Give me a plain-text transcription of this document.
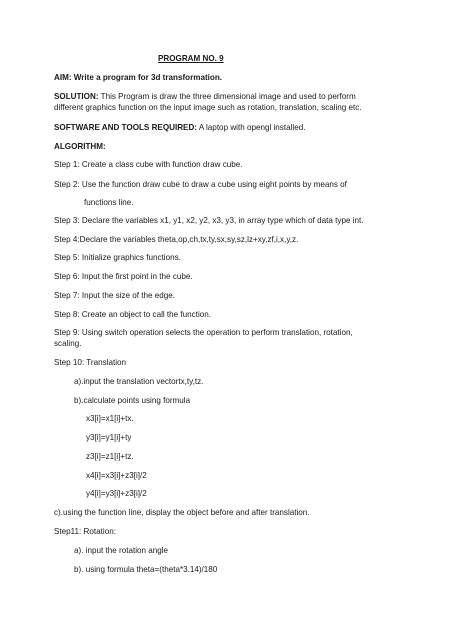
PROGRAM NO. 9

AIM: Write a program for 3d transformation.

SOLUTION: This Program is draw the three dimensional image and used to perform

different graphics function on the input image such as rotation, translation, scaling etc.

SOFTWARE AND TOOLS REQUIRED: A laptop with opengl installed.

ALGORITHM:

Step 1: Create a class cube with function draw cube.

Step 2: Use the function draw cube to draw a cube using eight points by means of

functions line.

Step 3: Declare the variables x1, y1, x2, y2, x3, y3, in array type which of data type int.

Step 4:Declare the variables theta,op,ch,tx,ty,sx,sy,sz,lz+xy,zf,i,x,y,z.

Step 5: Initialize graphics functions.

Step 6: Input the first point in the cube.

Step 7: Input the size of the edge.

Step 8: Create an object to call the function.

Step 9: Using switch operation selects the operation to perform translation, rotation,

scaling.

Step 10: Translation

a).input the translation vectortx,ty,tz.

b).calculate points using formula

x3[i]=x1[i]+tx.

y3[i]=y1[i]+ty

z3[i]=z1[i]+tz.

x4[i]=x3[i]+z3[i]/2

y4[i]=y3[i]+z3[i]/2

c).using the function line, display the object before and after translation.

Step11: Rotation:

a). input the rotation angle

b). using formula theta=(theta*3.14)/180
